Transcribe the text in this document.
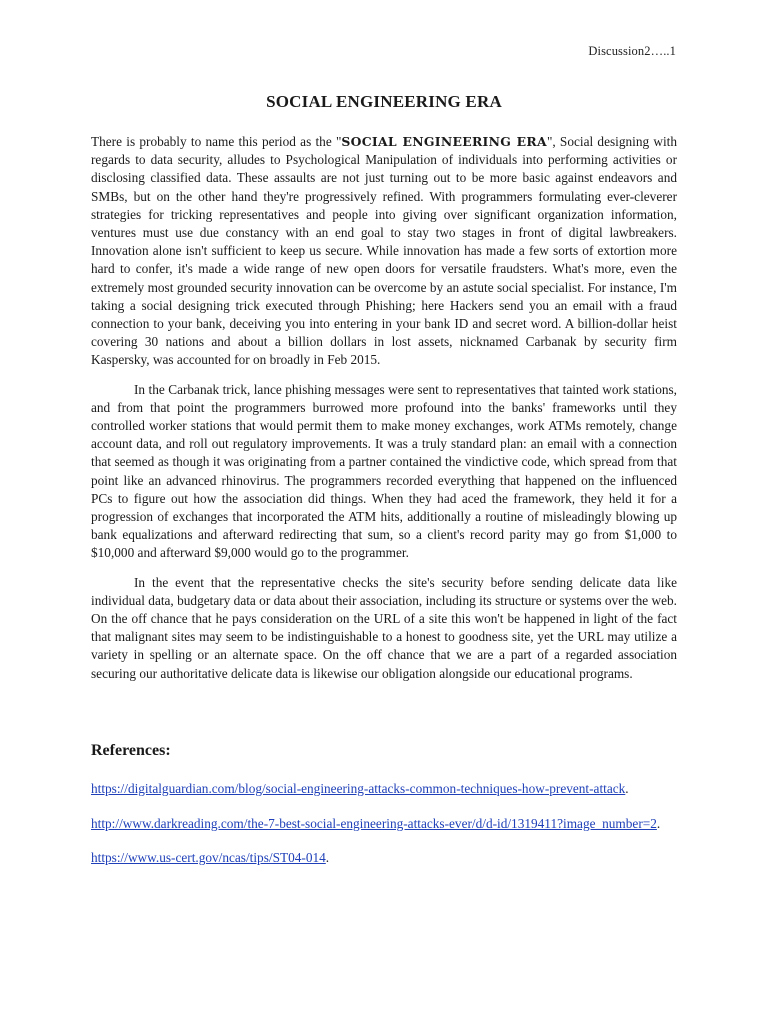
Discussion2…..1
SOCIAL ENGINEERING ERA

There is probably to name this period as the "SOCIAL ENGINEERING ERA", Social designing with regards to data security, alludes to Psychological Manipulation of individuals into performing activities or disclosing classified data. These assaults are not just turning out to be more basic against endeavors and SMBs, but on the other hand they're progressively refined. With programmers formulating ever-cleverer strategies for tricking representatives and people into giving over significant organization information, ventures must use due constancy with an end goal to stay two stages in front of digital lawbreakers. Innovation alone isn't sufficient to keep us secure. While innovation has made a few sorts of extortion more hard to confer, it's made a wide range of new open doors for versatile fraudsters. What's more, even the extremely most grounded security innovation can be overcome by an astute social specialist. For instance, I'm taking a social designing trick executed through Phishing; here Hackers send you an email with a fraud connection to your bank, deceiving you into entering in your bank ID and secret word. A billion-dollar heist covering 30 nations and about a billion dollars in lost assets, nicknamed Carbanak by security firm Kaspersky, was accounted for on broadly in Feb 2015.

In the Carbanak trick, lance phishing messages were sent to representatives that tainted work stations, and from that point the programmers burrowed more profound into the banks' frameworks until they controlled worker stations that would permit them to make money exchanges, work ATMs remotely, change account data, and roll out regulatory improvements. It was a truly standard plan: an email with a connection that seemed as though it was originating from a partner contained the vindictive code, which spread from that point like an advanced rhinovirus. The programmers recorded everything that happened on the influenced PCs to figure out how the association did things. When they had aced the framework, they held it for a progression of exchanges that incorporated the ATM hits, additionally a routine of misleadingly blowing up bank equalizations and afterward redirecting that sum, so a client's record parity may go from $1,000 to $10,000 and afterward $9,000 would go to the programmer.

In the event that the representative checks the site's security before sending delicate data like individual data, budgetary data or data about their association, including its structure or systems over the web. On the off chance that he pays consideration on the URL of a site this won't be happened in light of the fact that malignant sites may seem to be indistinguishable to a honest to goodness site, yet the URL may utilize a variety in spelling or an alternate space. On the off chance that we are a part of a regarded association securing our authoritative delicate data is likewise our obligation alongside our educational programs.

References:
https://digitalguardian.com/blog/social-engineering-attacks-common-techniques-how-prevent-attack.
http://www.darkreading.com/the-7-best-social-engineering-attacks-ever/d/d-id/1319411?image_number=2.
https://www.us-cert.gov/ncas/tips/ST04-014.
